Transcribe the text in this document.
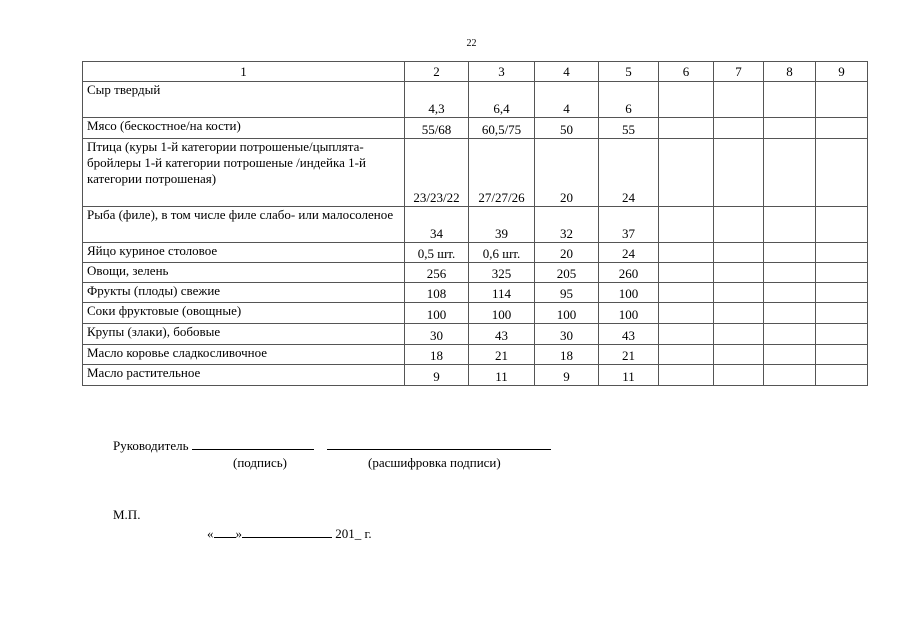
22
1	2	3	4	5	6	7	8	9
Сыр твердый	4,3	6,4	4	6				
Мясо (бескостное/на кости)	55/68	60,5/75	50	55				
Птица (куры 1-й категории потрошеные/цыплята- бройлеры 1-й категории потрошеные /индейка 1-й категории потрошеная)	23/23/22	27/27/26	20	24				
Рыба (филе), в том числе филе слабо- или малосоленое	34	39	32	37				
Яйцо куриное столовое	0,5 шт.	0,6 шт.	20	24				
Овощи, зелень	256	325	205	260				
Фрукты (плоды) свежие	108	114	95	100				
Соки фруктовые (овощные)	100	100	100	100				
Крупы (злаки), бобовые	30	43	30	43				
Масло коровье сладкосливочное	18	21	18	21				
Масло растительное	9	11	9	11				
Руководитель
(подпись)	(расшифровка подписи)
М.П.
« »	201_ г.
